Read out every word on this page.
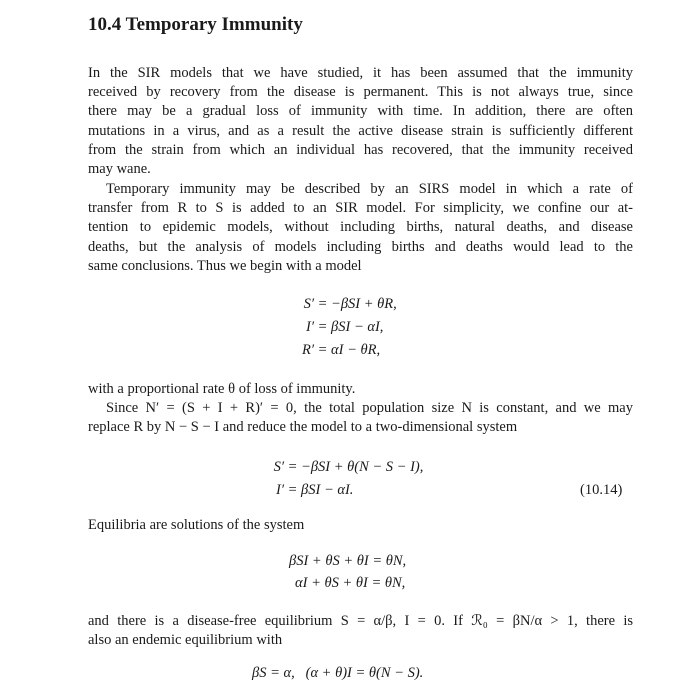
10.4 Temporary Immunity

In the SIR models that we have studied, it has been assumed that the immunity
received by recovery from the disease is permanent. This is not always true, since
there may be a gradual loss of immunity with time. In addition, there are often
mutations in a virus, and as a result the active disease strain is sufficiently different
from the strain from which an individual has recovered, that the immunity received
may wane.

Temporary immunity may be described by an SIRS model in which a rate of
transfer from R to S is added to an SIR model. For simplicity, we confine our at-
tention to epidemic models, without including births, natural deaths, and disease
deaths, but the analysis of models including births and deaths would lead to the
same conclusions. Thus we begin with a model

S′ = −βSI + θR,
I′ = βSI − αI,
R′ = αI − θR,

with a proportional rate θ of loss of immunity.
Since N′ = (S + I + R)′ = 0, the total population size N is constant, and we may
replace R by N − S − I and reduce the model to a two-dimensional system

S′ = −βSI + θ(N − S − I),
I′ = βSI − αI.	(10.14)

Equilibria are solutions of the system

βSI + θS + θI = θN,
αI + θS + θI = θN,

and there is a disease-free equilibrium S = α/β, I = 0. If ℛ₀ = βN/α > 1, there is
also an endemic equilibrium with

βS = α,   (α + θ)I = θ(N − S).
